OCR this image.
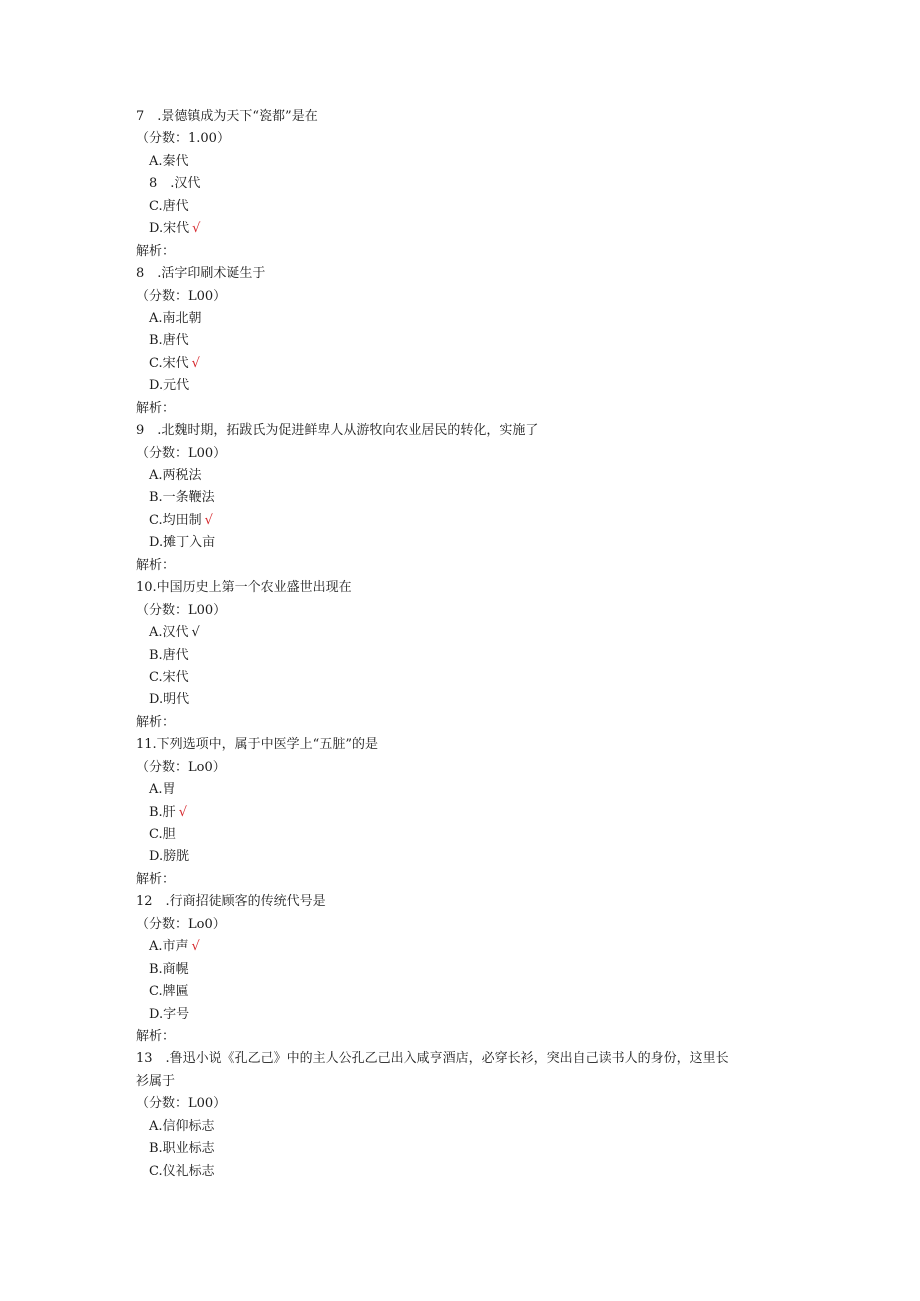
7　.景德镇成为天下“瓷都”是在
（分数：1.00）
A.秦代
8　.汉代
C.唐代
D.宋代 √
解析：
8　.活字印刷术诞生于
（分数：L00）
A.南北朝
B.唐代
C.宋代 √
D.元代
解析：
9　.北魏时期，拓跋氏为促进鲜卑人从游牧向农业居民的转化，实施了
（分数：L00）
A.两税法
B.一条鞭法
C.均田制 √
D.摊丁入亩
解析：
10.中国历史上第一个农业盛世出现在
（分数：L00）
A.汉代 √
B.唐代
C.宋代
D.明代
解析：
11.下列选项中，属于中医学上“五脏”的是
（分数：Lo0）
A.胃
B.肝 √
C.胆
D.膀胱
解析：
12　.行商招徒顾客的传统代号是
（分数：Lo0）
A.市声 √
B.商幌
C.牌匾
D.字号
解析：
13　.鲁迅小说《孔乙己》中的主人公孔乙己出入咸亨酒店，必穿长衫，突出自己读书人的身份，这里长
衫属于
（分数：L00）
A.信仰标志
B.职业标志
C.仪礼标志
